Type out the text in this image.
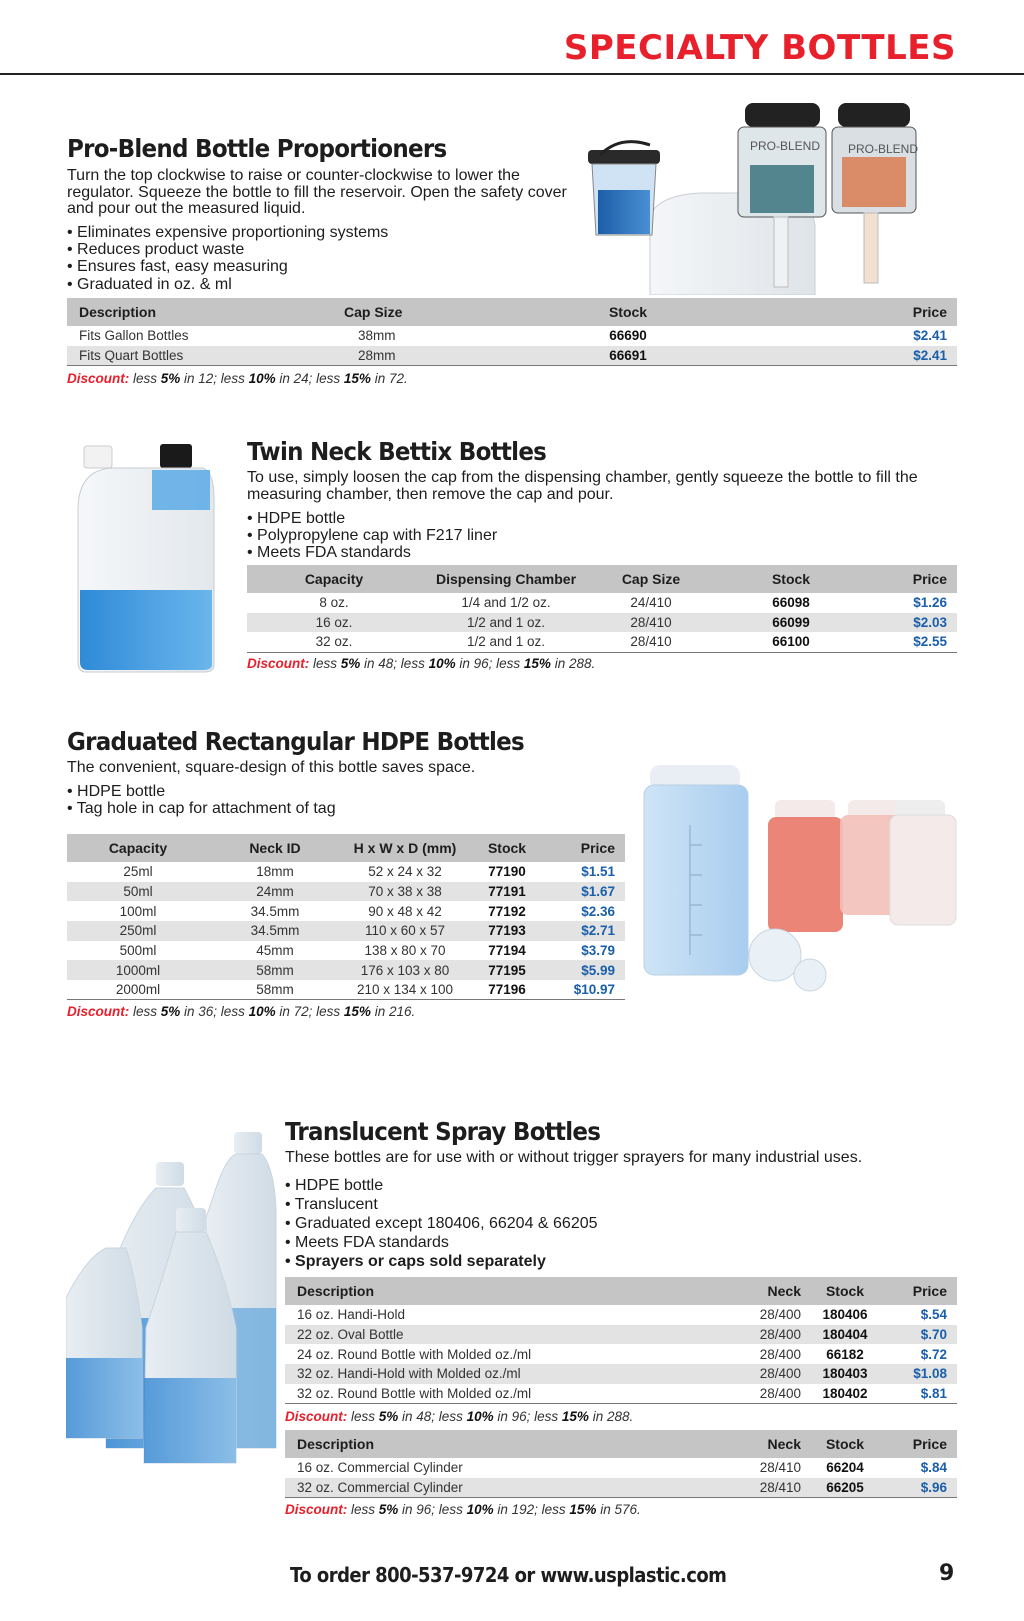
SPECIALTY BOTTLES
PRO-BLEND PRO-BLEND
Pro-Blend Bottle Proportioners
Turn the top clockwise to raise or counter-clockwise to lower the regulator. Squeeze the bottle to fill the reservoir. Open the safety cover and pour out the measured liquid.
• Eliminates expensive proportioning systems
• Reduces product waste
• Ensures fast, easy measuring
• Graduated in oz. & ml
Description	Cap Size	Stock	Price
Fits Gallon Bottles	38mm	66690	$2.41
Fits Quart Bottles	28mm	66691	$2.41
Discount: less 5% in 12; less 10% in 24; less 15% in 72.
Twin Neck Bettix Bottles
To use, simply loosen the cap from the dispensing chamber, gently squeeze the bottle to fill the measuring chamber, then remove the cap and pour.
• HDPE bottle
• Polypropylene cap with F217 liner
• Meets FDA standards
Capacity	Dispensing Chamber	Cap Size	Stock	Price
8 oz.	1/4 and 1/2 oz.	24/410	66098	$1.26
16 oz.	1/2 and 1 oz.	28/410	66099	$2.03
32 oz.	1/2 and 1 oz.	28/410	66100	$2.55
Discount: less 5% in 48; less 10% in 96; less 15% in 288.
Graduated Rectangular HDPE Bottles
The convenient, square-design of this bottle saves space.
• HDPE bottle
• Tag hole in cap for attachment of tag
Capacity	Neck ID	H x W x D (mm)	Stock	Price
25ml	18mm	52 x 24 x 32	77190	$1.51
50ml	24mm	70 x 38 x 38	77191	$1.67
100ml	34.5mm	90 x 48 x 42	77192	$2.36
250ml	34.5mm	110 x 60 x 57	77193	$2.71
500ml	45mm	138 x 80 x 70	77194	$3.79
1000ml	58mm	176 x 103 x 80	77195	$5.99
2000ml	58mm	210 x 134 x 100	77196	$10.97
Discount: less 5% in 36; less 10% in 72; less 15% in 216.
Translucent Spray Bottles
These bottles are for use with or without trigger sprayers for many industrial uses.
• HDPE bottle
• Translucent
• Graduated except 180406, 66204 & 66205
• Meets FDA standards
• Sprayers or caps sold separately
Description	Neck	Stock	Price
16 oz. Handi-Hold	28/400	180406	$.54
22 oz. Oval Bottle	28/400	180404	$.70
24 oz. Round Bottle with Molded oz./ml	28/400	66182	$.72
32 oz. Handi-Hold with Molded oz./ml	28/400	180403	$1.08
32 oz. Round Bottle with Molded oz./ml	28/400	180402	$.81
Discount: less 5% in 48; less 10% in 96; less 15% in 288.
Description	Neck	Stock	Price
16 oz. Commercial Cylinder	28/410	66204	$.84
32 oz. Commercial Cylinder	28/410	66205	$.96
Discount: less 5% in 96; less 10% in 192; less 15% in 576.
To order 800-537-9724 or www.usplastic.com	9
